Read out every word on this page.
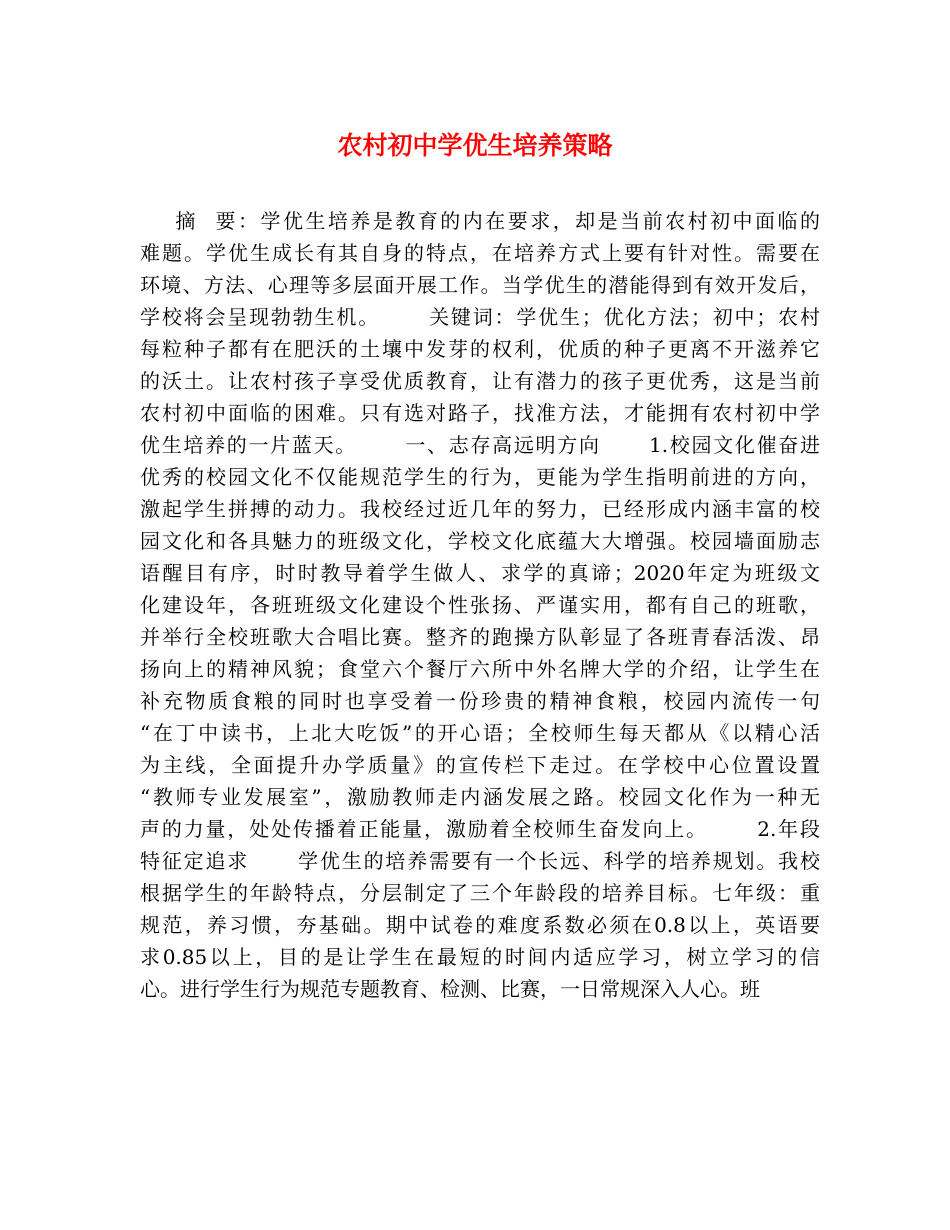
农村初中学优生培养策略
摘  要：学优生培养是教育的内在要求，却是当前农村初中面临的
难题。学优生成长有其自身的特点，在培养方式上要有针对性。需要在
环境、方法、心理等多层面开展工作。当学优生的潜能得到有效开发后，
学校将会呈现勃勃生机。      关键词：学优生；优化方法；初中；农村
每粒种子都有在肥沃的土壤中发芽的权利，优质的种子更离不开滋养它
的沃土。让农村孩子享受优质教育，让有潜力的孩子更优秀，这是当前
农村初中面临的困难。只有选对路子，找准方法，才能拥有农村初中学
优生培养的一片蓝天。      一、志存高远明方向      1.校园文化催奋进
优秀的校园文化不仅能规范学生的行为，更能为学生指明前进的方向，
激起学生拼搏的动力。我校经过近几年的努力，已经形成内涵丰富的校
园文化和各具魅力的班级文化，学校文化底蕴大大增强。校园墙面励志
语醒目有序，时时教导着学生做人、求学的真谛；2020年定为班级文
化建设年，各班班级文化建设个性张扬、严谨实用，都有自己的班歌，
并举行全校班歌大合唱比赛。整齐的跑操方队彰显了各班青春活泼、昂
扬向上的精神风貌；食堂六个餐厅六所中外名牌大学的介绍，让学生在
补充物质食粮的同时也享受着一份珍贵的精神食粮，校园内流传一句
“在丁中读书，上北大吃饭”的开心语；全校师生每天都从《以精心活
为主线，全面提升办学质量》的宣传栏下走过。在学校中心位置设置
“教师专业发展室”，激励教师走内涵发展之路。校园文化作为一种无
声的力量，处处传播着正能量，激励着全校师生奋发向上。      2.年段
特征定追求      学优生的培养需要有一个长远、科学的培养规划。我校
根据学生的年龄特点，分层制定了三个年龄段的培养目标。七年级：重
规范，养习惯，夯基础。期中试卷的难度系数必须在0.8以上，英语要
求0.85以上，目的是让学生在最短的时间内适应学习，树立学习的信
心。进行学生行为规范专题教育、检测、比赛，一日常规深入人心。班
